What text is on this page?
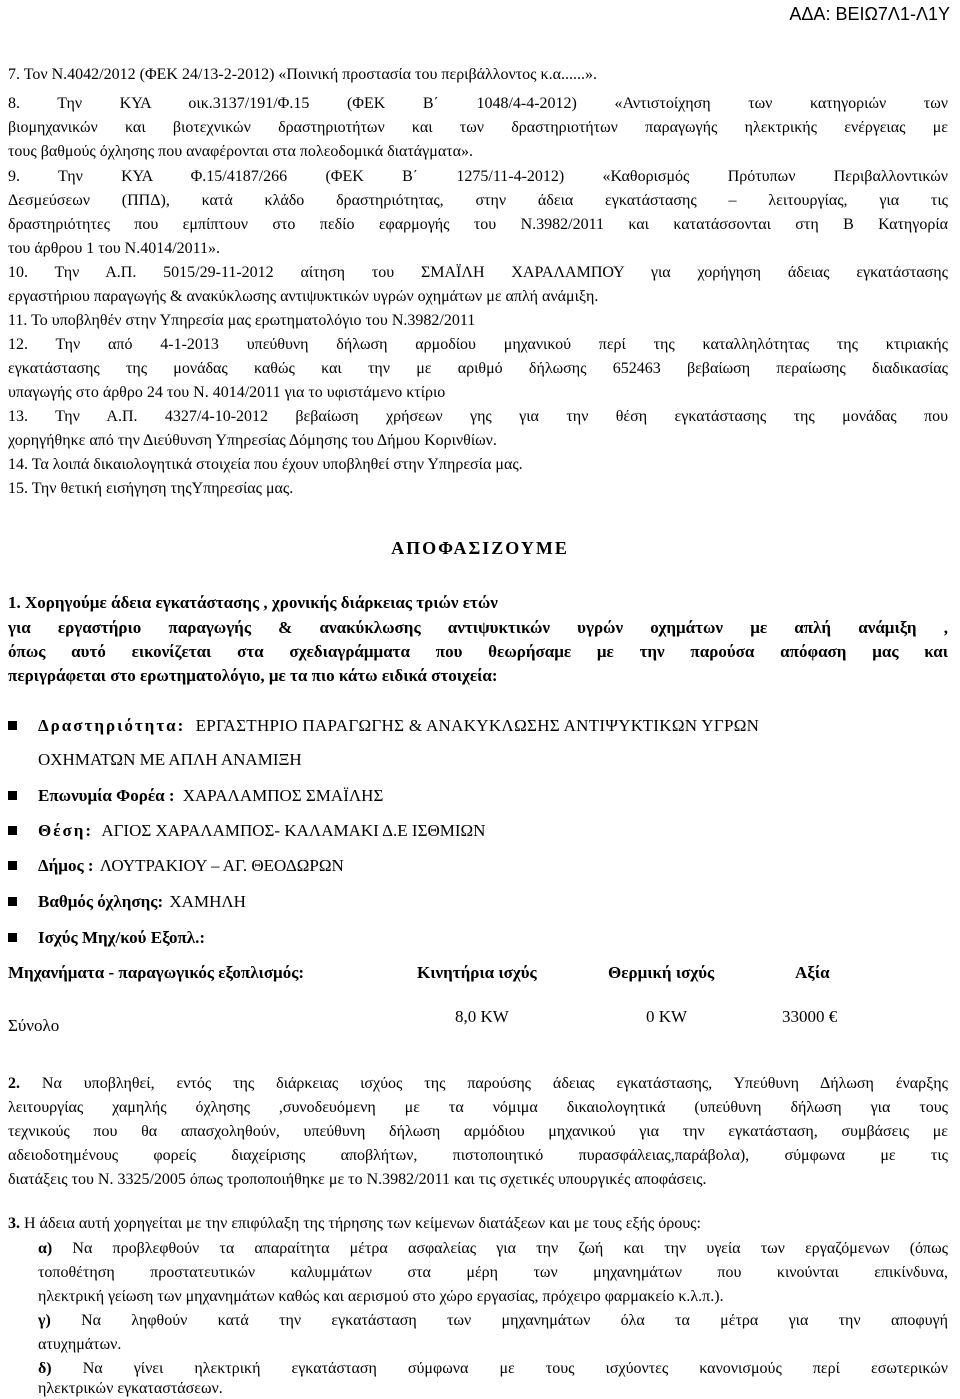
ΑΔΑ: ΒΕΙΩ7Λ1-Λ1Υ
7. Τον Ν.4042/2012 (ΦΕΚ 24/13-2-2012) «Ποινική προστασία του περιβάλλοντος κ.α......».
8. Την ΚΥΑ οικ.3137/191/Φ.15 (ΦΕΚ Β΄ 1048/4-4-2012) «Αντιστοίχηση των κατηγοριών των
βιομηχανικών και βιοτεχνικών δραστηριοτήτων και των δραστηριοτήτων παραγωγής ηλεκτρικής ενέργειας με
τους βαθμούς όχλησης που αναφέρονται στα πολεοδομικά διατάγματα».
9. Την ΚΥΑ Φ.15/4187/266 (ΦΕΚ Β΄ 1275/11-4-2012) «Καθορισμός Πρότυπων Περιβαλλοντικών
Δεσμεύσεων (ΠΠΔ), κατά κλάδο δραστηριότητας, στην άδεια εγκατάστασης – λειτουργίας, για τις
δραστηριότητες που εμπίπτουν στο πεδίο εφαρμογής του Ν.3982/2011 και κατατάσσονται στη Β Κατηγορία
του άρθρου 1 του Ν.4014/2011».
10. Την Α.Π. 5015/29-11-2012 αίτηση του ΣΜΑΪΛΗ ΧΑΡΑΛΑΜΠΟΥ για χορήγηση άδειας εγκατάστασης
εργαστήριου παραγωγής & ανακύκλωσης αντιψυκτικών υγρών οχημάτων με απλή ανάμιξη.
11. Το υποβληθέν στην Υπηρεσία μας ερωτηματολόγιο του Ν.3982/2011
12. Την από 4-1-2013 υπεύθυνη δήλωση αρμοδίου μηχανικού περί της καταλληλότητας της κτιριακής
εγκατάστασης της μονάδας καθώς και την με αριθμό δήλωσης 652463 βεβαίωση περαίωσης διαδικασίας
υπαγωγής στο άρθρο 24 του Ν. 4014/2011 για το υφιστάμενο κτίριο
13. Την Α.Π. 4327/4-10-2012 βεβαίωση χρήσεων γης για την θέση εγκατάστασης της μονάδας που
χορηγήθηκε από την Διεύθυνση Υπηρεσίας Δόμησης του Δήμου Κορινθίων.
14. Τα λοιπά δικαιολογητικά στοιχεία που έχουν υποβληθεί στην Υπηρεσία μας.
15. Την θετική εισήγηση τηςΥπηρεσίας μας.
ΑΠΟΦΑΣΙΖΟΥΜΕ
1. Χορηγούμε άδεια εγκατάστασης , χρονικής διάρκειας τριών ετών
για εργαστήριο παραγωγής & ανακύκλωσης αντιψυκτικών υγρών οχημάτων με απλή ανάμιξη ,
όπως αυτό εικονίζεται στα σχεδιαγράμματα που θεωρήσαμε με την παρούσα απόφαση μας και
περιγράφεται στο ερωτηματολόγιο, με τα πιο κάτω ειδικά στοιχεία:
Δραστηριότητα: ΕΡΓΑΣΤΗΡΙΟ ΠΑΡΑΓΩΓΗΣ & ΑΝΑΚΥΚΛΩΣΗΣ ΑΝΤΙΨΥΚΤΙΚΩΝ ΥΓΡΩΝ
ΟΧΗΜΑΤΩΝ ΜΕ ΑΠΛΗ ΑΝΑΜΙΞΗ
Επωνυμία Φορέα : ΧΑΡΑΛΑΜΠΟΣ ΣΜΑΪΛΗΣ
Θέση: ΑΓΙΟΣ ΧΑΡΑΛΑΜΠΟΣ- ΚΑΛΑΜΑΚΙ Δ.Ε ΙΣΘΜΙΩΝ
Δήμος : ΛΟΥΤΡΑΚΙΟΥ – ΑΓ. ΘΕΟΔΩΡΩΝ
Βαθμός όχλησης: ΧΑΜΗΛΗ
Ισχύς Μηχ/κού Εξοπλ.:
Μηχανήματα - παραγωγικός εξοπλισμός:	Κινητήρια ισχύς	Θερμική ισχύς	Αξία
Σύνολο	8,0 KW	0 KW	33000 €
2. Να υποβληθεί, εντός της διάρκειας ισχύος της παρούσης άδειας εγκατάστασης, Υπεύθυνη Δήλωση έναρξης
λειτουργίας χαμηλής όχλησης ,συνοδευόμενη με τα νόμιμα δικαιολογητικά (υπεύθυνη δήλωση για τους
τεχνικούς που θα απασχοληθούν, υπεύθυνη δήλωση αρμόδιου μηχανικού για την εγκατάσταση, συμβάσεις με
αδειοδοτημένους φορείς διαχείρισης αποβλήτων, πιστοποιητικό πυρασφάλειας,παράβολα), σύμφωνα με τις
διατάξεις του Ν. 3325/2005 όπως τροποποιήθηκε με το Ν.3982/2011 και τις σχετικές υπουργικές αποφάσεις.
3. Η άδεια αυτή χορηγείται με την επιφύλαξη της τήρησης των κείμενων διατάξεων και με τους εξής όρους:
α) Να προβλεφθούν τα απαραίτητα μέτρα ασφαλείας για την ζωή και την υγεία των εργαζόμενων (όπως
τοποθέτηση προστατευτικών καλυμμάτων στα μέρη των μηχανημάτων που κινούνται επικίνδυνα,
ηλεκτρική γείωση των μηχανημάτων καθώς και αερισμού στο χώρο εργασίας, πρόχειρο φαρμακείο κ.λ.π.).
γ) Να ληφθούν κατά την εγκατάσταση των μηχανημάτων όλα τα μέτρα για την αποφυγή
ατυχημάτων.
δ) Να γίνει ηλεκτρική εγκατάσταση σύμφωνα με τους ισχύοντες κανονισμούς περί εσωτερικών
ηλεκτρικών εγκαταστάσεων.
